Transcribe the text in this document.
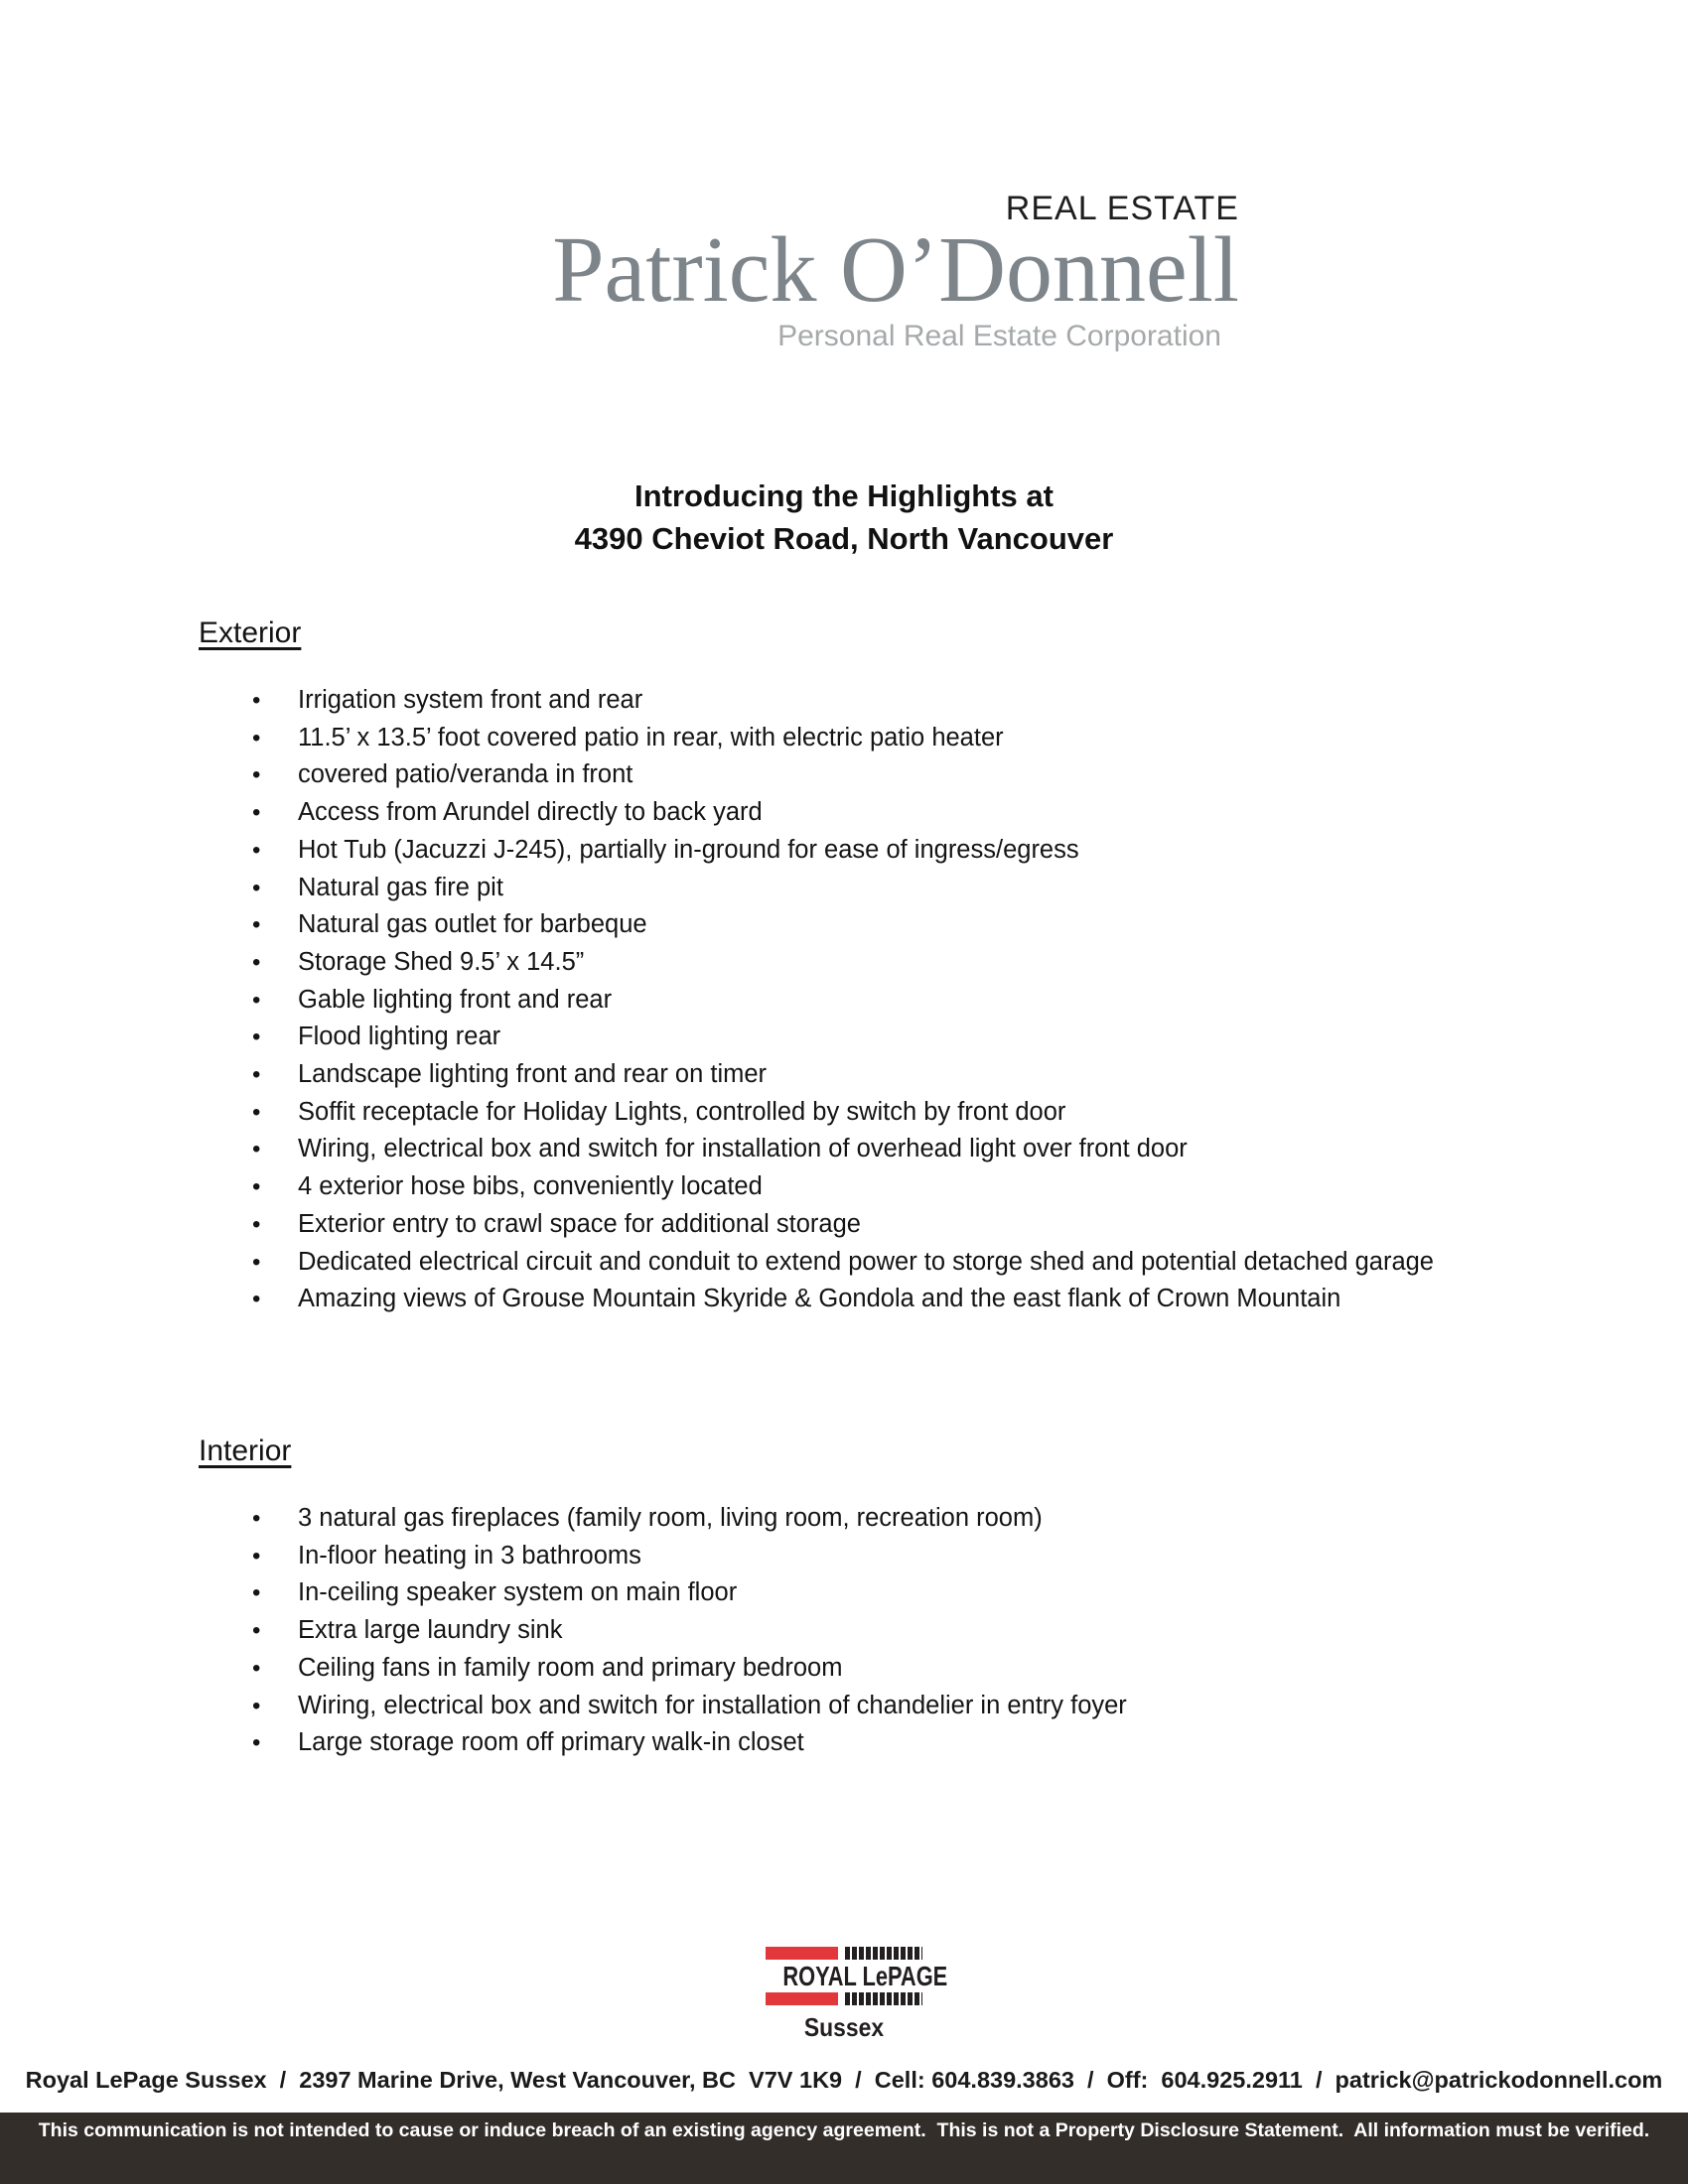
REAL ESTATE
Patrick O’Donnell
Personal Real Estate Corporation
Introducing the Highlights at
4390 Cheviot Road, North Vancouver
Exterior
• Irrigation system front and rear
• 11.5’ x 13.5’ foot covered patio in rear, with electric patio heater
• covered patio/veranda in front
• Access from Arundel directly to back yard
• Hot Tub (Jacuzzi J-245), partially in-ground for ease of ingress/egress
• Natural gas fire pit
• Natural gas outlet for barbeque
• Storage Shed 9.5’ x 14.5”
• Gable lighting front and rear
• Flood lighting rear
• Landscape lighting front and rear on timer
• Soffit receptacle for Holiday Lights, controlled by switch by front door
• Wiring, electrical box and switch for installation of overhead light over front door
• 4 exterior hose bibs, conveniently located
• Exterior entry to crawl space for additional storage
• Dedicated electrical circuit and conduit to extend power to storge shed and potential detached garage
• Amazing views of Grouse Mountain Skyride & Gondola and the east flank of Crown Mountain
Interior
• 3 natural gas fireplaces (family room, living room, recreation room)
• In-floor heating in 3 bathrooms
• In-ceiling speaker system on main floor
• Extra large laundry sink
• Ceiling fans in family room and primary bedroom
• Wiring, electrical box and switch for installation of chandelier in entry foyer
• Large storage room off primary walk-in closet
ROYAL LePAGE
Sussex
Royal LePage Sussex  /  2397 Marine Drive, West Vancouver, BC  V7V 1K9  /  Cell: 604.839.3863  /  Off:  604.925.2911  /  patrick@patrickodonnell.com
This communication is not intended to cause or induce breach of an existing agency agreement.  This is not a Property Disclosure Statement.  All information must be verified.
